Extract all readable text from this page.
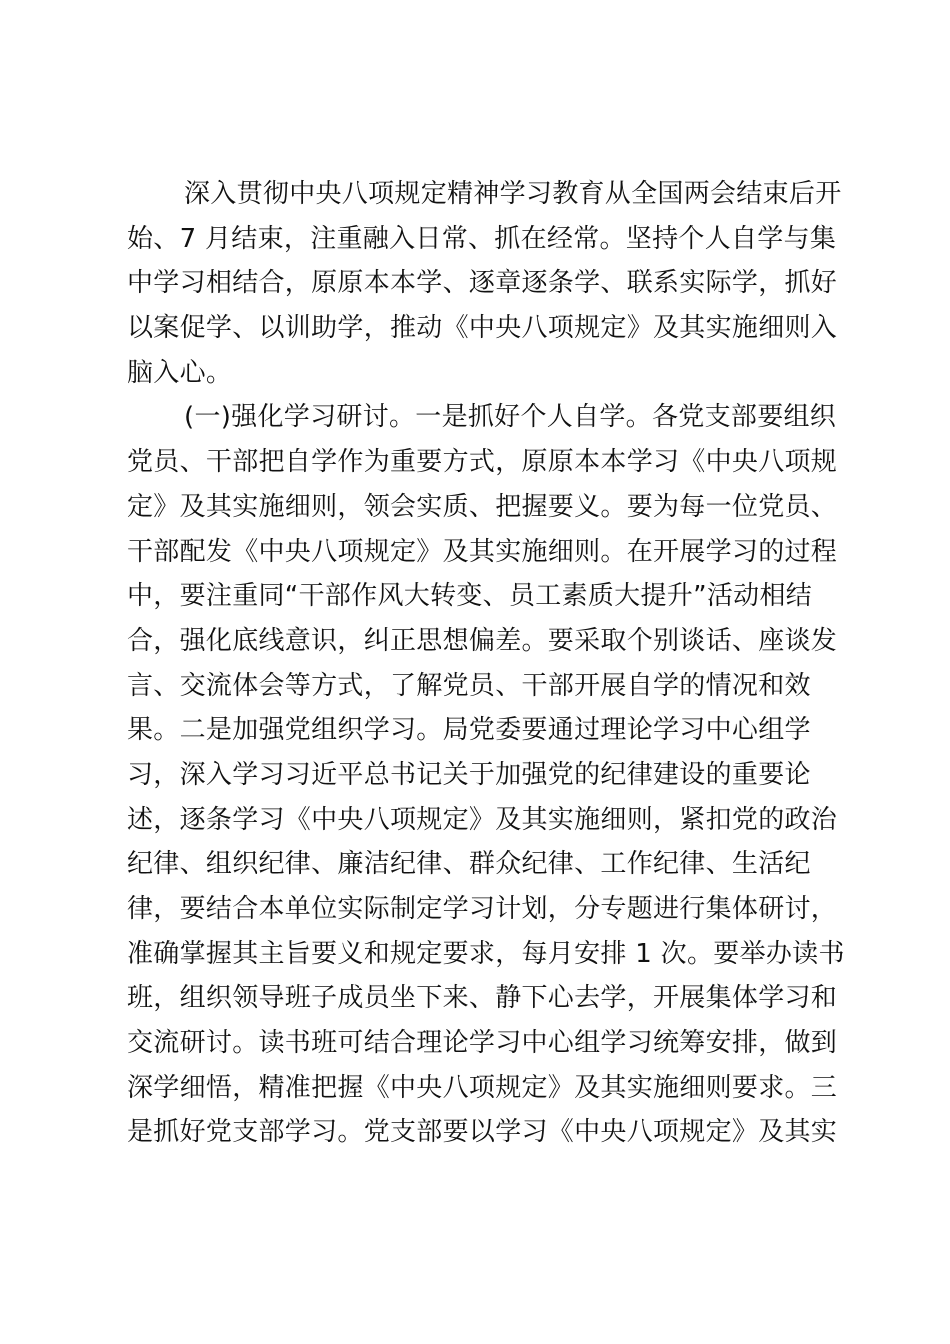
深入贯彻中央八项规定精神学习教育从全国两会结束后开
始、7 月结束，注重融入日常、抓在经常。坚持个人自学与集
中学习相结合，原原本本学、逐章逐条学、联系实际学，抓好
以案促学、以训助学，推动《中央八项规定》及其实施细则入
脑入心。
(一)强化学习研讨。一是抓好个人自学。各党支部要组织
党员、干部把自学作为重要方式，原原本本学习《中央八项规
定》及其实施细则，领会实质、把握要义。要为每一位党员、
干部配发《中央八项规定》及其实施细则。在开展学习的过程
中，要注重同“干部作风大转变、员工素质大提升”活动相结
合，强化底线意识，纠正思想偏差。要采取个别谈话、座谈发
言、交流体会等方式，了解党员、干部开展自学的情况和效
果。二是加强党组织学习。局党委要通过理论学习中心组学
习，深入学习习近平总书记关于加强党的纪律建设的重要论
述，逐条学习《中央八项规定》及其实施细则，紧扣党的政治
纪律、组织纪律、廉洁纪律、群众纪律、工作纪律、生活纪
律，要结合本单位实际制定学习计划，分专题进行集体研讨，
准确掌握其主旨要义和规定要求，每月安排 1 次。要举办读书
班，组织领导班子成员坐下来、静下心去学，开展集体学习和
交流研讨。读书班可结合理论学习中心组学习统筹安排，做到
深学细悟，精准把握《中央八项规定》及其实施细则要求。三
是抓好党支部学习。党支部要以学习《中央八项规定》及其实
